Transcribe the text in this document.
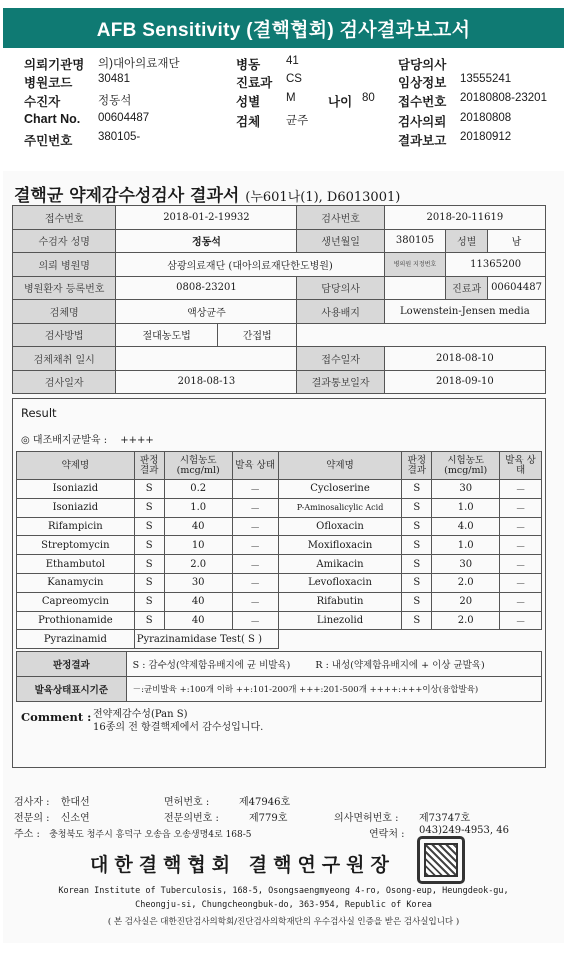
AFB Sensitivity (결핵협회) 검사결과보고서
의뢰기관명 의)대아의료재단	병동 41	담당의사
병원코드 30481	진료과 CS	임상정보 13555241
수진자	정동석	성별 M	나이 80 접수번호 20180808-23201
Chart No. 00604487	검체 균주	검사의뢰 20180808
주민번호 380105-	결과보고 20180912
결핵균 약제감수성검사 결과서 (누601나(1), D6013001)
접수번호	2018-01-2-19932		검사번호	2018-20-11619		
수검자 성명	정동석		생년월일	380105	성별	남
의뢰 병원명	삼광의료재단 (대아의료재단한도병원)			병의원 지정번호	11365200	
병원환자 등록번호	0808-23201		담당의사		진료과	00604487
검체명	액상균주		사용배지	Lowenstein-Jensen media		
검사방법	절대농도법	간접법				
검체채취 일시			접수일자	2018-08-10		
검사일자	2018-08-13		결과통보일자	2018-09-10		
Result
◎ 대조배지균발육 : ++++
약제명	판정 결과	시험농도 (mcg/ml)	발육 상태	약제명	판정 결과	시험농도 (mcg/ml)	발육 상태
Isoniazid	S	0.2	－	Cycloserine	S	30	－
Isoniazid	S	1.0	－	P-Aminosalicylic Acid	S	1.0	－
Rifampicin	S	40	－	Ofloxacin	S	4.0	－
Streptomycin	S	10	－	Moxifloxacin	S	1.0	－
Ethambutol	S	2.0	－	Amikacin	S	30	－
Kanamycin	S	30	－	Levofloxacin	S	2.0	－
Capreomycin	S	40	－	Rifabutin	S	20	－
Prothionamide	S	40	－	Linezolid	S	2.0	－
Pyrazinamid	Pyrazinamidase Test( S )						
판정결과	S : 감수성(약제함유배지에 균 비발육) R : 내성(약제함유배지에 + 이상 균발육)
발육상태표시기준	－:균비발육 +:100개 이하 ++:101-200개 +++:201-500개 ++++:+++이상(융합발육)
Comment : 전약제감수성(Pan S)
16종의 전 항결핵제에서 감수성입니다.
검사자 : 한대선	면허번호 :	제47946호
전문의 : 신소연	전문의번호 :	제779호	의사면허번호 : 제73747호
주소 : 충청북도 청주시 흥덕구 오송읍 오송생명4로 168-5	연락처 : 043)249-4953, 46
대한결핵협회 결핵연구원장
Korean Institute of Tuberculosis, 168-5, Osongsaengmyeong 4-ro, Osong-eup, Heungdeok-gu,
Cheongju-si, Chungcheongbuk-do, 363-954, Republic of Korea
( 본 검사실은 대한진단검사의학회/진단검사의학재단의 우수검사실 인증을 받은 검사실입니다 )
